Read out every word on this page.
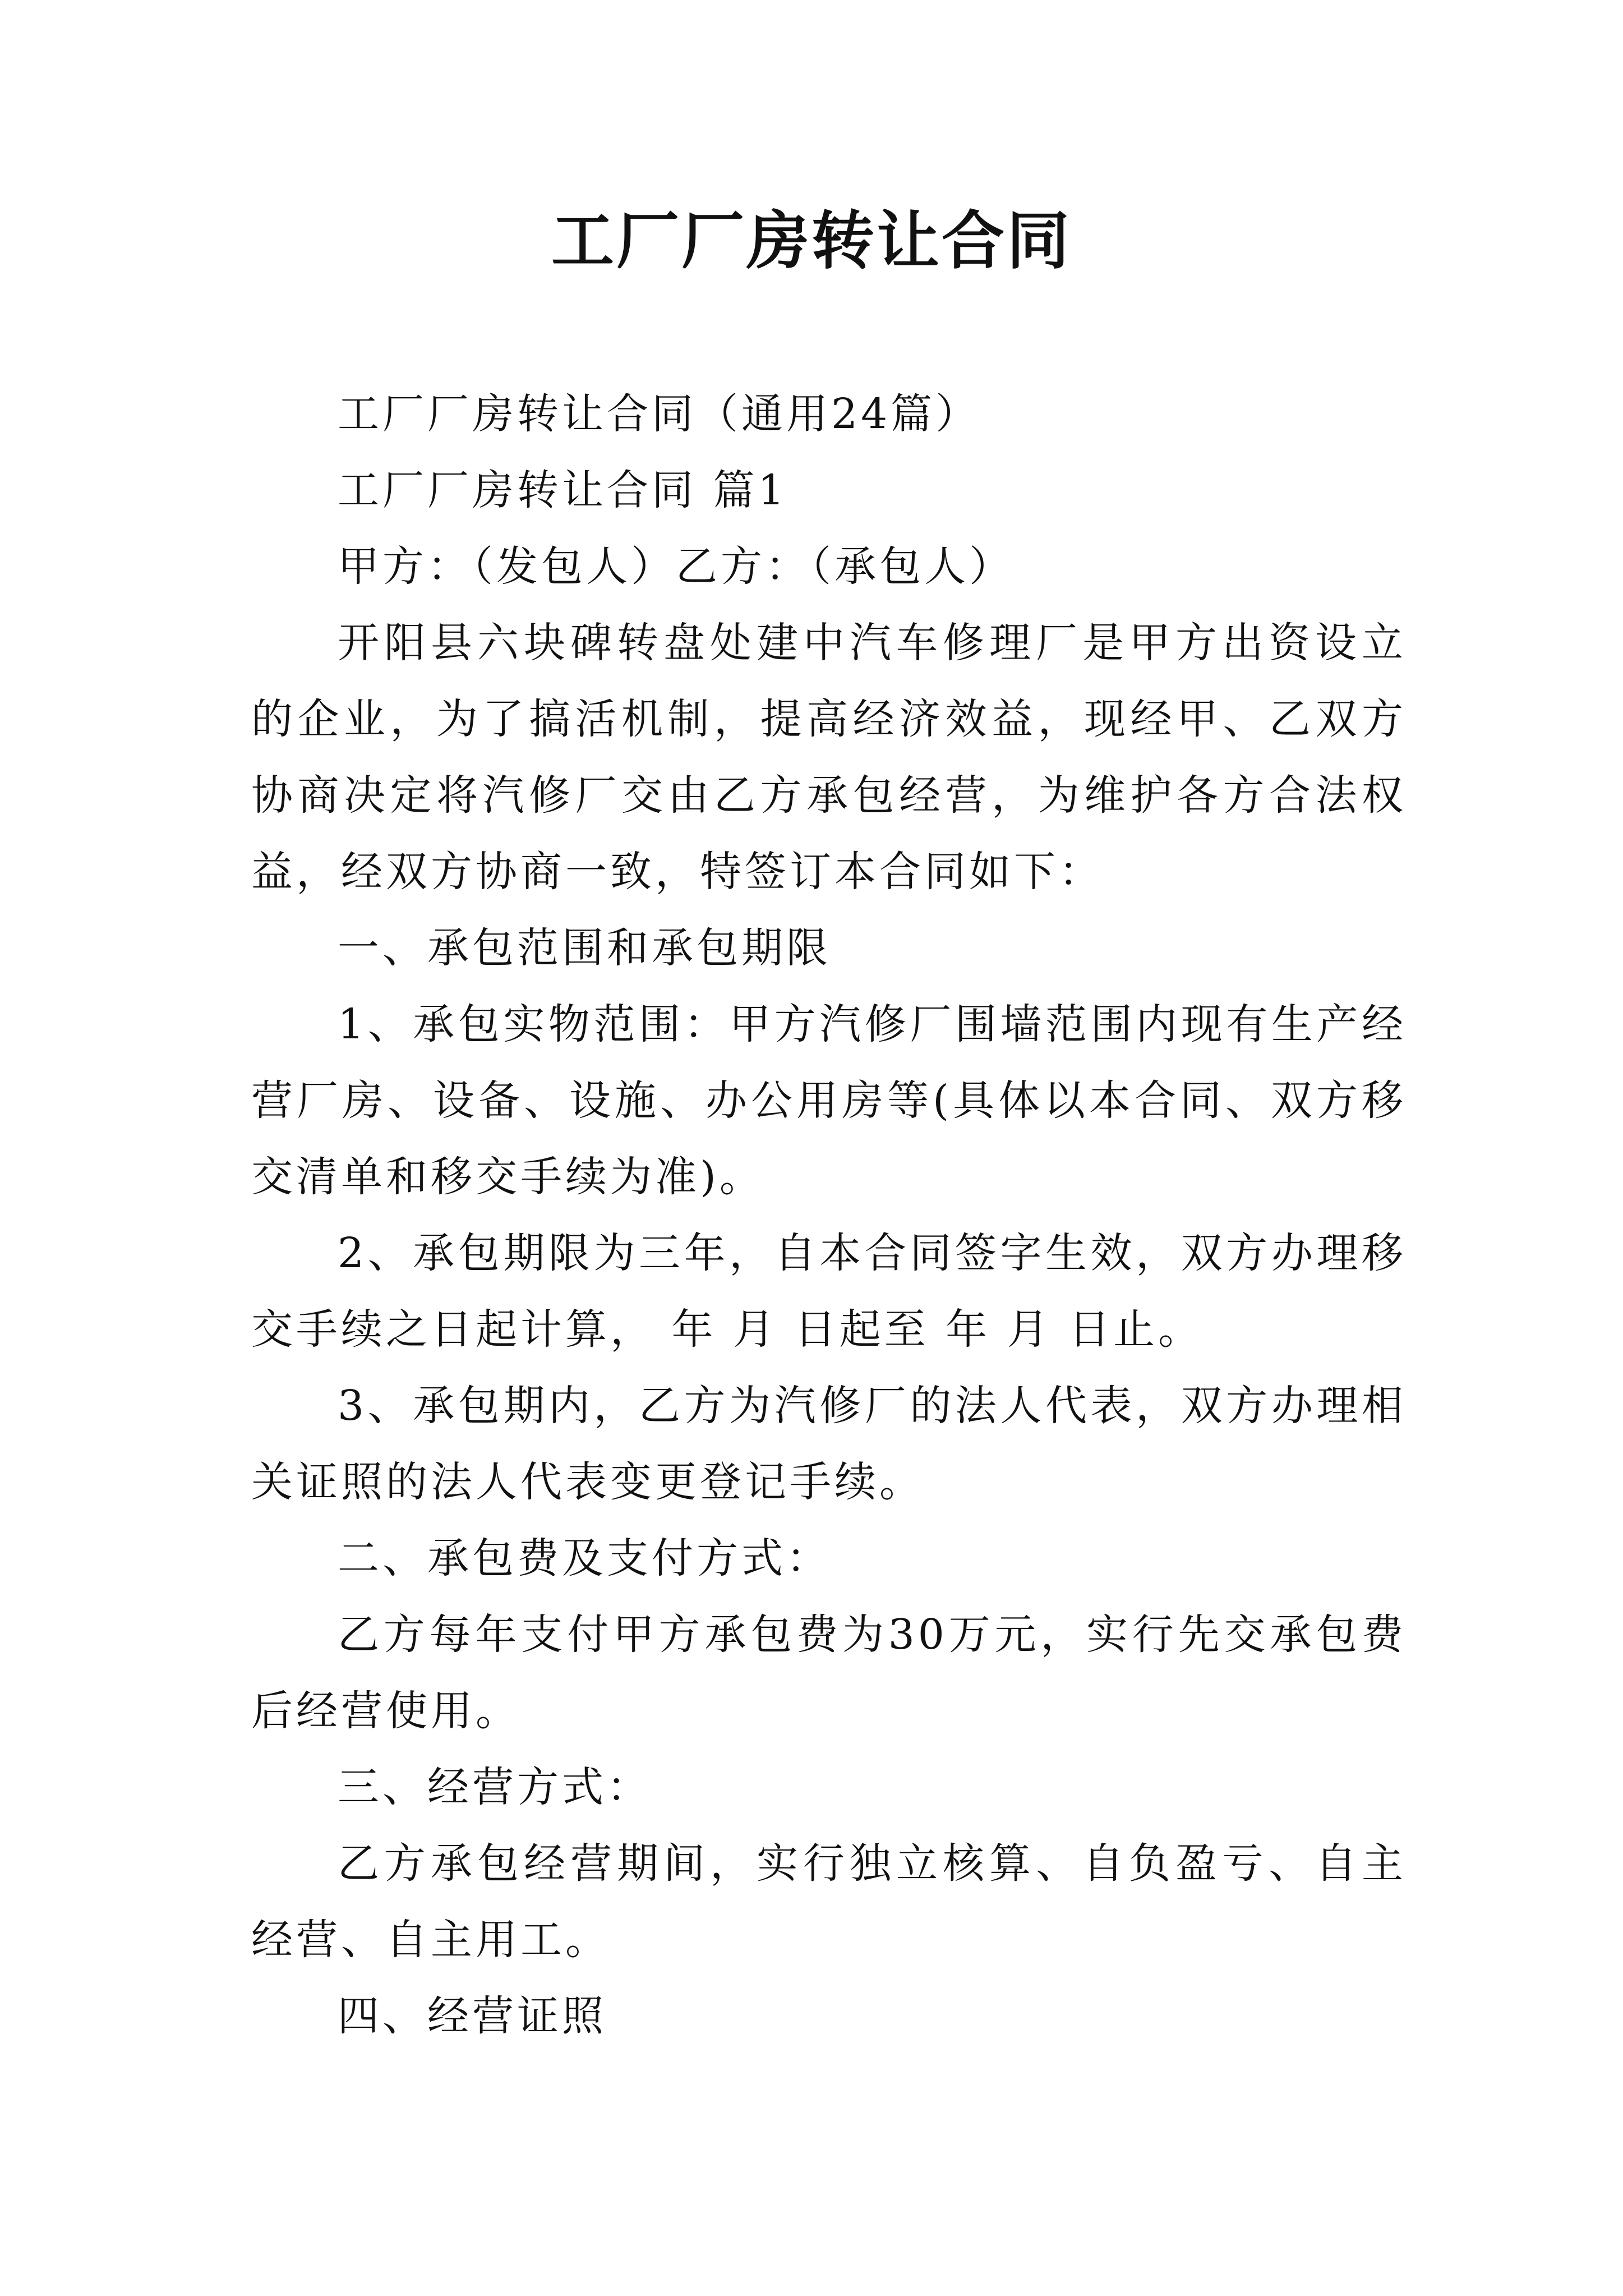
工厂厂房转让合同

工厂厂房转让合同（通用24篇）

工厂厂房转让合同 篇1

甲方：（发包人）乙方：（承包人）

开阳县六块碑转盘处建中汽车修理厂是甲方出资设立的企业，为了搞活机制，提高经济效益，现经甲、乙双方协商决定将汽修厂交由乙方承包经营，为维护各方合法权益，经双方协商一致，特签订本合同如下：

一、承包范围和承包期限

1、承包实物范围：甲方汽修厂围墙范围内现有生产经营厂房、设备、设施、办公用房等(具体以本合同、双方移交清单和移交手续为准)。

2、承包期限为三年，自本合同签字生效，双方办理移交手续之日起计算， 年 月 日起至 年 月 日止。

3、承包期内，乙方为汽修厂的法人代表，双方办理相关证照的法人代表变更登记手续。

二、承包费及支付方式：

乙方每年支付甲方承包费为30万元，实行先交承包费后经营使用。

三、经营方式：

乙方承包经营期间，实行独立核算、自负盈亏、自主经营、自主用工。

四、经营证照
